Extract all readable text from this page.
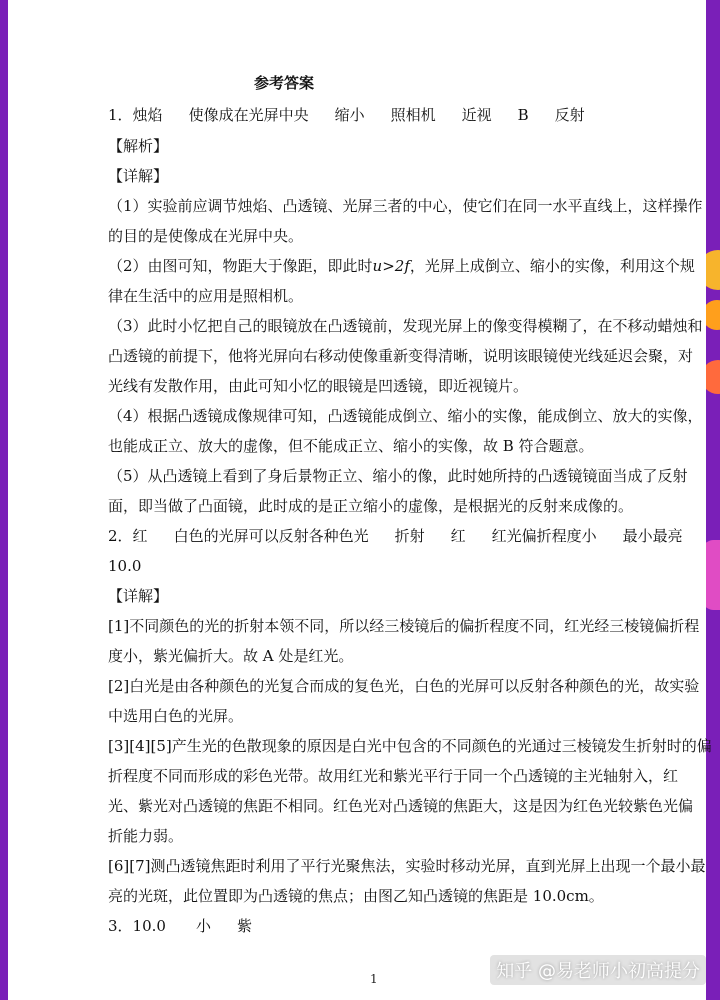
参考答案
1．烛焰 使像成在光屏中央 缩小 照相机 近视 B 反射
【解析】
【详解】
（1）实验前应调节烛焰、凸透镜、光屏三者的中心，使它们在同一水平直线上，这样操作
的目的是使像成在光屏中央。
（2）由图可知，物距大于像距，即此时u>2f，光屏上成倒立、缩小的实像，利用这个规
律在生活中的应用是照相机。
（3）此时小忆把自己的眼镜放在凸透镜前，发现光屏上的像变得模糊了，在不移动蜡烛和
凸透镜的前提下，他将光屏向右移动使像重新变得清晰，说明该眼镜使光线延迟会聚，对
光线有发散作用，由此可知小忆的眼镜是凹透镜，即近视镜片。
（4）根据凸透镜成像规律可知，凸透镜能成倒立、缩小的实像，能成倒立、放大的实像，
也能成正立、放大的虚像，但不能成正立、缩小的实像，故 B 符合题意。
（5）从凸透镜上看到了身后景物正立、缩小的像，此时她所持的凸透镜镜面当成了反射
面，即当做了凸面镜，此时成的是正立缩小的虚像，是根据光的反射来成像的。
2．红 白色的光屏可以反射各种色光 折射 红 红光偏折程度小 最小最亮
10.0
【详解】
[1]不同颜色的光的折射本领不同，所以经三棱镜后的偏折程度不同，红光经三棱镜偏折程
度小，紫光偏折大。故 A 处是红光。
[2]白光是由各种颜色的光复合而成的复色光，白色的光屏可以反射各种颜色的光，故实验
中选用白色的光屏。
[3][4][5]产生光的色散现象的原因是白光中包含的不同颜色的光通过三棱镜发生折射时的偏
折程度不同而形成的彩色光带。故用红光和紫光平行于同一个凸透镜的主光轴射入，红
光、紫光对凸透镜的焦距不相同。红色光对凸透镜的焦距大，这是因为红色光较紫色光偏
折能力弱。
[6][7]测凸透镜焦距时利用了平行光聚焦法，实验时移动光屏，直到光屏上出现一个最小最
亮的光斑，此位置即为凸透镜的焦点；由图乙知凸透镜的焦距是 10.0cm。
3．10.0 小 紫
1	知乎 @易老师小初高提分
